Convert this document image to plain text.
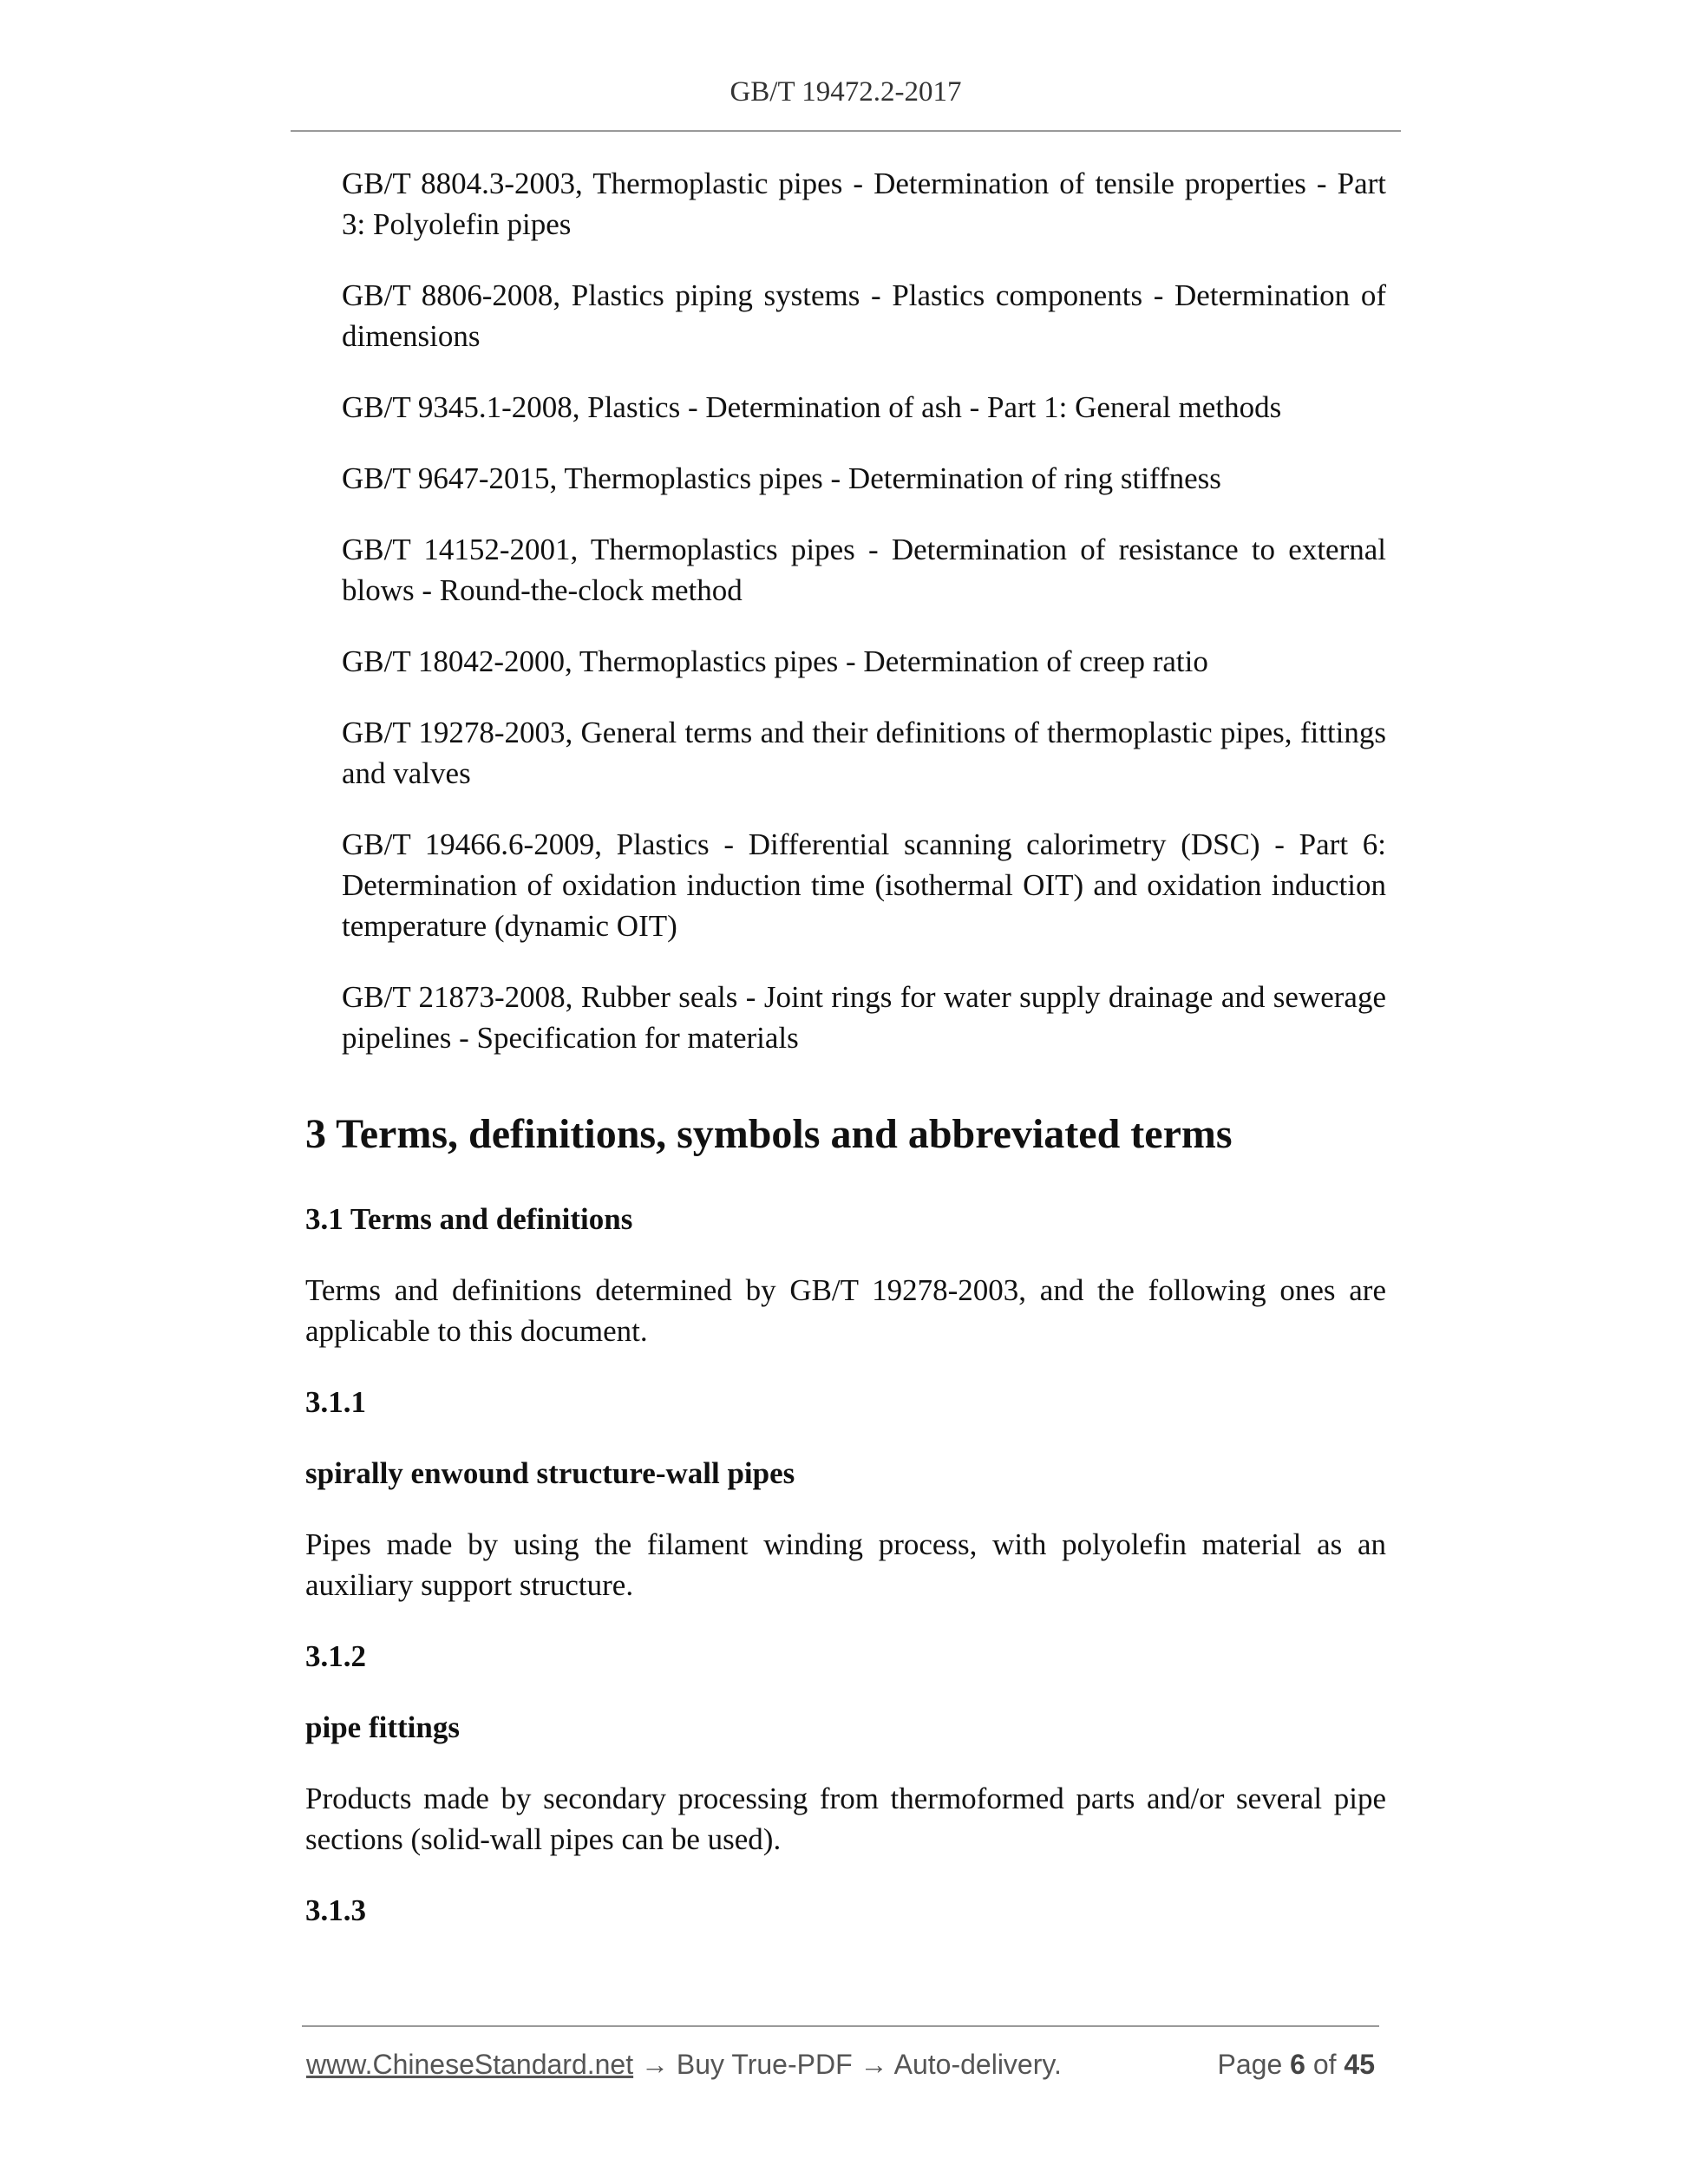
GB/T 19472.2-2017

GB/T 8804.3-2003, Thermoplastic pipes - Determination of tensile properties - Part 3: Polyolefin pipes

GB/T 8806-2008, Plastics piping systems - Plastics components - Determination of dimensions

GB/T 9345.1-2008, Plastics - Determination of ash - Part 1: General methods

GB/T 9647-2015, Thermoplastics pipes - Determination of ring stiffness

GB/T 14152-2001, Thermoplastics pipes - Determination of resistance to external blows - Round-the-clock method

GB/T 18042-2000, Thermoplastics pipes - Determination of creep ratio

GB/T 19278-2003, General terms and their definitions of thermoplastic pipes, fittings and valves

GB/T 19466.6-2009, Plastics - Differential scanning calorimetry (DSC) - Part 6: Determination of oxidation induction time (isothermal OIT) and oxidation induction temperature (dynamic OIT)

GB/T 21873-2008, Rubber seals - Joint rings for water supply drainage and sewerage pipelines - Specification for materials

3 Terms, definitions, symbols and abbreviated terms
3.1 Terms and definitions

Terms and definitions determined by GB/T 19278-2003, and the following ones are applicable to this document.

3.1.1
spirally enwound structure-wall pipes

Pipes made by using the filament winding process, with polyolefin material as an auxiliary support structure.

3.1.2
pipe fittings

Products made by secondary processing from thermoformed parts and/or several pipe sections (solid-wall pipes can be used).

3.1.3
www.ChineseStandard.net → Buy True-PDF → Auto-delivery.	Page 6 of 45
